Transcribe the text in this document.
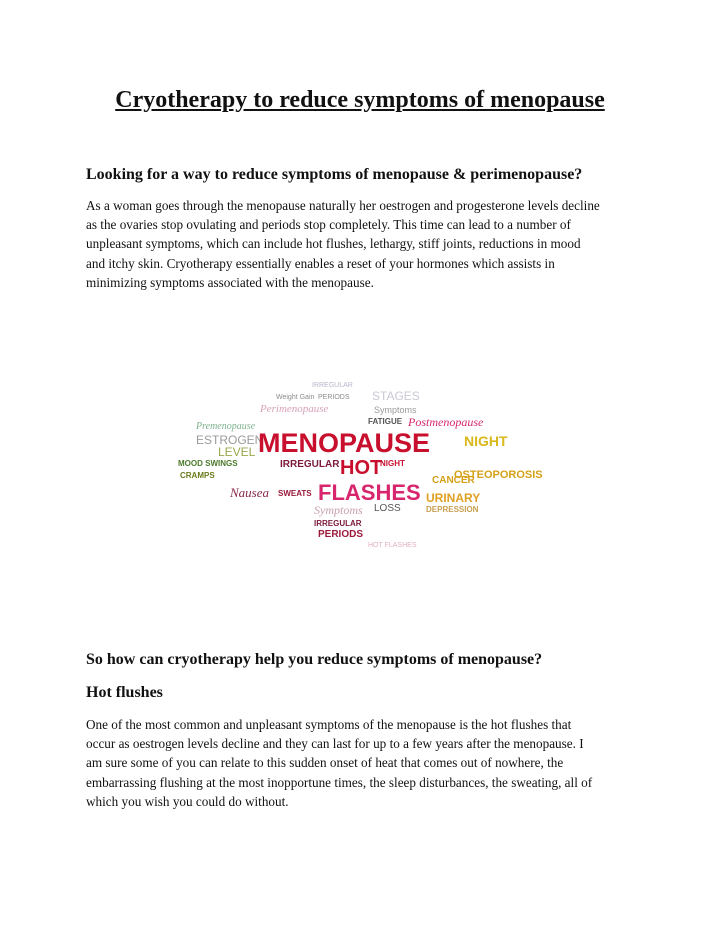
Cryotherapy to reduce symptoms of menopause
Looking for a way to reduce symptoms of menopause & perimenopause?
As a woman goes through the menopause naturally her oestrogen and progesterone levels decline
as the ovaries stop ovulating and periods stop completely. This time can lead to a number of
unpleasant symptoms, which can include hot flushes, lethargy, stiff joints, reductions in mood
and itchy skin. Cryotherapy essentially enables a reset of your hormones which assists in
minimizing symptoms associated with the menopause.
IRREGULAR
Weight Gain PERIODS STAGES
Perimenopause	Symptoms
Premenopause	FATIGUE Postmenopause
ESTROGEN
MENOPAUSE NIGHT
LEVEL
MOOD SWINGS	IRREGULAR HOT
NIGHT
CRAMPS
FLASHES CANCER
OSTEOPOROSIS
Nausea SWEATS	URINARY
Symptoms LOSS	DEPRESSION
IRREGULAR
PERIODS
HOT FLASHES
So how can cryotherapy help you reduce symptoms of menopause?
Hot flushes
One of the most common and unpleasant symptoms of the menopause is the hot flushes that
occur as oestrogen levels decline and they can last for up to a few years after the menopause. I
am sure some of you can relate to this sudden onset of heat that comes out of nowhere, the
embarrassing flushing at the most inopportune times, the sleep disturbances, the sweating, all of
which you wish you could do without.
